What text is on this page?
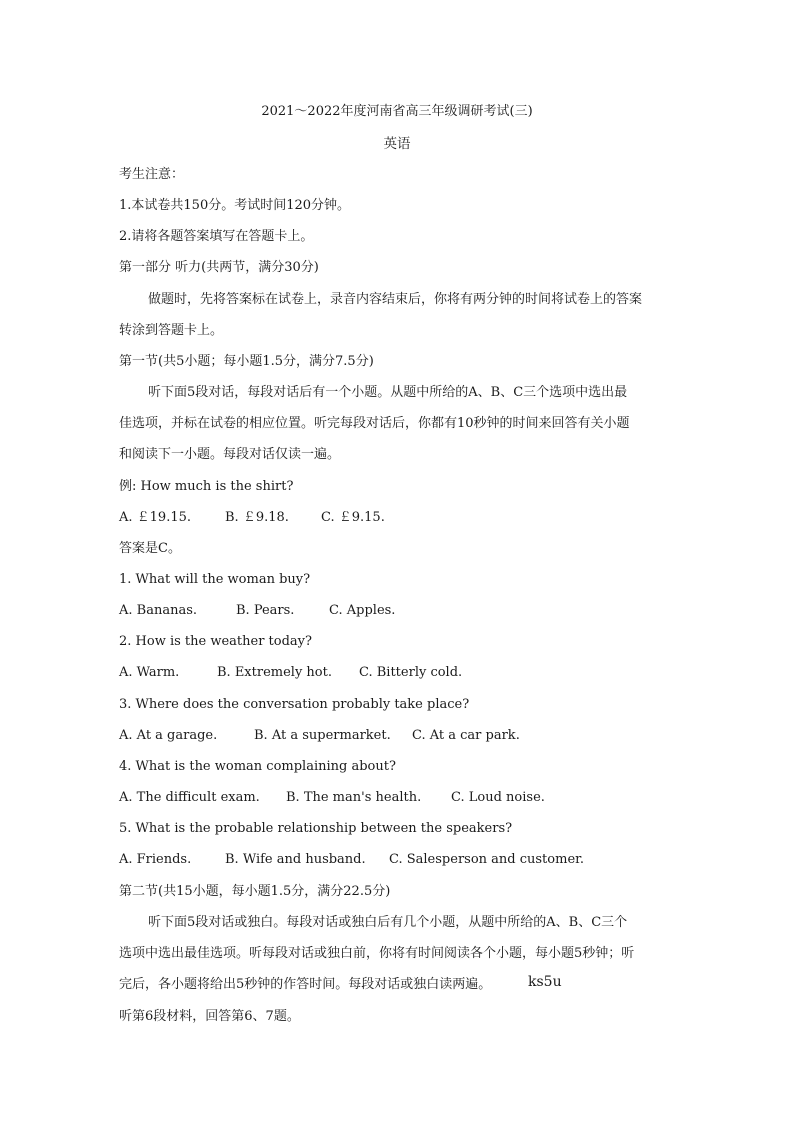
2021～2022年度河南省高三年级调研考试(三)
英语
考生注意：
1.本试卷共150分。考试时间120分钟。
2.请将各题答案填写在答题卡上。
第一部分 听力(共两节，满分30分)
做题时，先将答案标在试卷上，录音内容结束后，你将有两分钟的时间将试卷上的答案
转涂到答题卡上。
第一节(共5小题；每小题1.5分，满分7.5分)
听下面5段对话，每段对话后有一个小题。从题中所给的A、B、C三个选项中选出最
佳选项，并标在试卷的相应位置。听完每段对话后，你都有10秒钟的时间来回答有关小题
和阅读下一小题。每段对话仅读一遍。
例: How much is the shirt?
A. ￡19.15.	B. ￡9.18. C. ￡9.15.
答案是C。
1. What will the woman buy?
A. Bananas.	B. Pears.	C. Apples.
2. How is the weather today?
A. Warm.	B. Extremely hot. C. Bitterly cold.
3. Where does the conversation probably take place?
A. At a garage.	B. At a supermarket. C. At a car park.
4. What is the woman complaining about?
A. The difficult exam. B. The man's health. C. Loud noise.
5. What is the probable relationship between the speakers?
A. Friends.	B. Wife and husband. C. Salesperson and customer.
第二节(共15小题，每小题1.5分，满分22.5分)
听下面5段对话或独白。每段对话或独白后有几个小题，从题中所给的A、B、C三个
选项中选出最佳选项。听每段对话或独白前，你将有时间阅读各个小题，每小题5秒钟；听
完后，各小题将给出5秒钟的作答时间。每段对话或独白读两遍。	ks5u
听第6段材料，回答第6、7题。
